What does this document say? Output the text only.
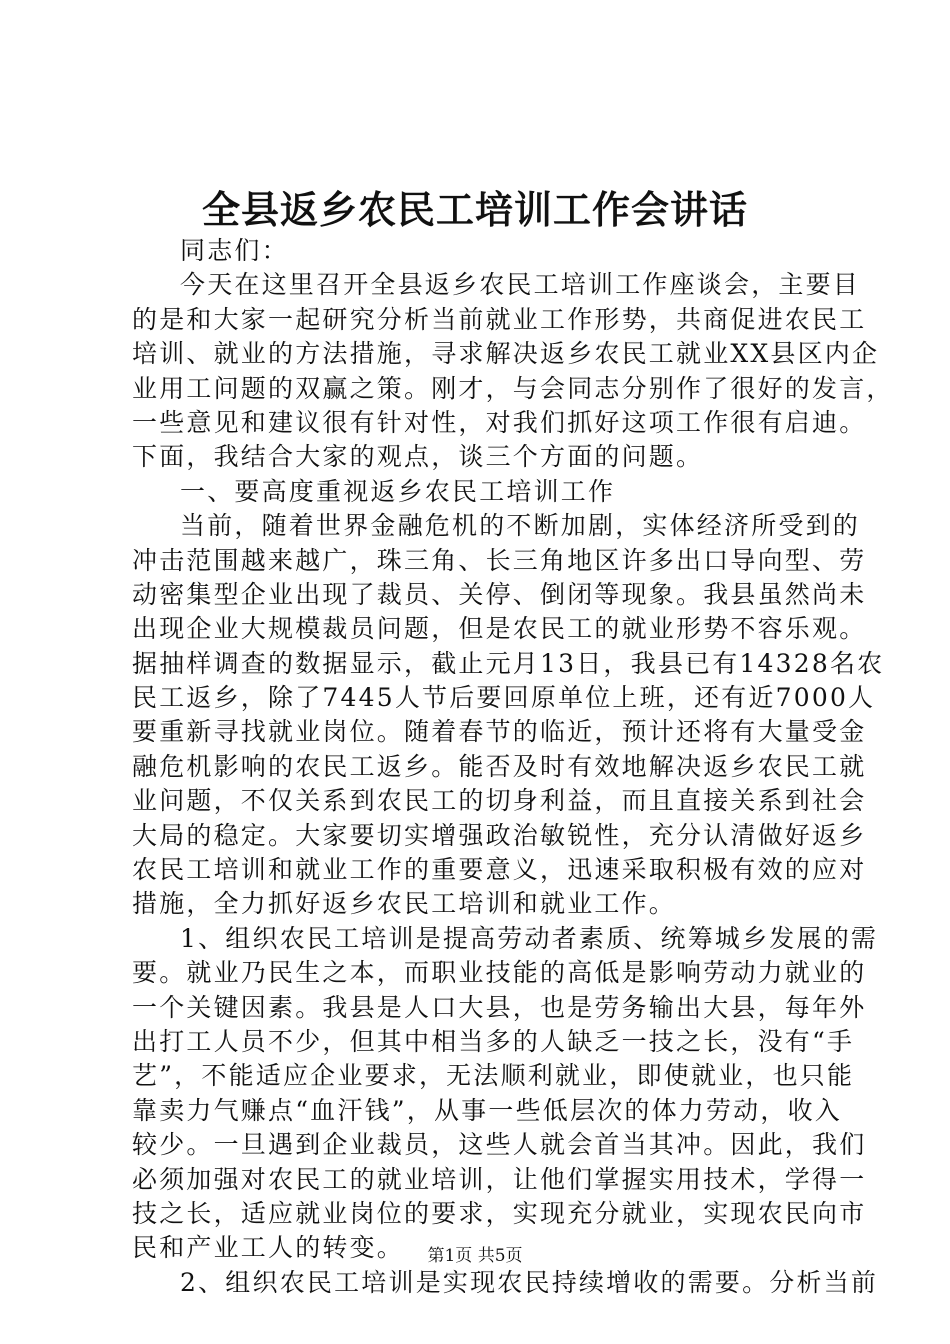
全县返乡农民工培训工作会讲话
同志们：
今天在这里召开全县返乡农民工培训工作座谈会，主要目
的是和大家一起研究分析当前就业工作形势，共商促进农民工
培训、就业的方法措施，寻求解决返乡农民工就业XX县区内企
业用工问题的双赢之策。刚才，与会同志分别作了很好的发言，
一些意见和建议很有针对性，对我们抓好这项工作很有启迪。
下面，我结合大家的观点，谈三个方面的问题。
一、要高度重视返乡农民工培训工作
当前，随着世界金融危机的不断加剧，实体经济所受到的
冲击范围越来越广，珠三角、长三角地区许多出口导向型、劳
动密集型企业出现了裁员、关停、倒闭等现象。我县虽然尚未
出现企业大规模裁员问题，但是农民工的就业形势不容乐观。
据抽样调查的数据显示，截止元月13日，我县已有14328名农
民工返乡，除了7445人节后要回原单位上班，还有近7000人
要重新寻找就业岗位。随着春节的临近，预计还将有大量受金
融危机影响的农民工返乡。能否及时有效地解决返乡农民工就
业问题，不仅关系到农民工的切身利益，而且直接关系到社会
大局的稳定。大家要切实增强政治敏锐性，充分认清做好返乡
农民工培训和就业工作的重要意义，迅速采取积极有效的应对
措施，全力抓好返乡农民工培训和就业工作。
1、组织农民工培训是提高劳动者素质、统筹城乡发展的需
要。就业乃民生之本，而职业技能的高低是影响劳动力就业的
一个关键因素。我县是人口大县，也是劳务输出大县，每年外
出打工人员不少，但其中相当多的人缺乏一技之长，没有“手
艺”，不能适应企业要求，无法顺利就业，即使就业，也只能
靠卖力气赚点“血汗钱”，从事一些低层次的体力劳动，收入
较少。一旦遇到企业裁员，这些人就会首当其冲。因此，我们
必须加强对农民工的就业培训，让他们掌握实用技术，学得一
技之长，适应就业岗位的要求，实现充分就业，实现农民向市
民和产业工人的转变。
2、组织农民工培训是实现农民持续增收的需要。分析当前
第1页 共5页
